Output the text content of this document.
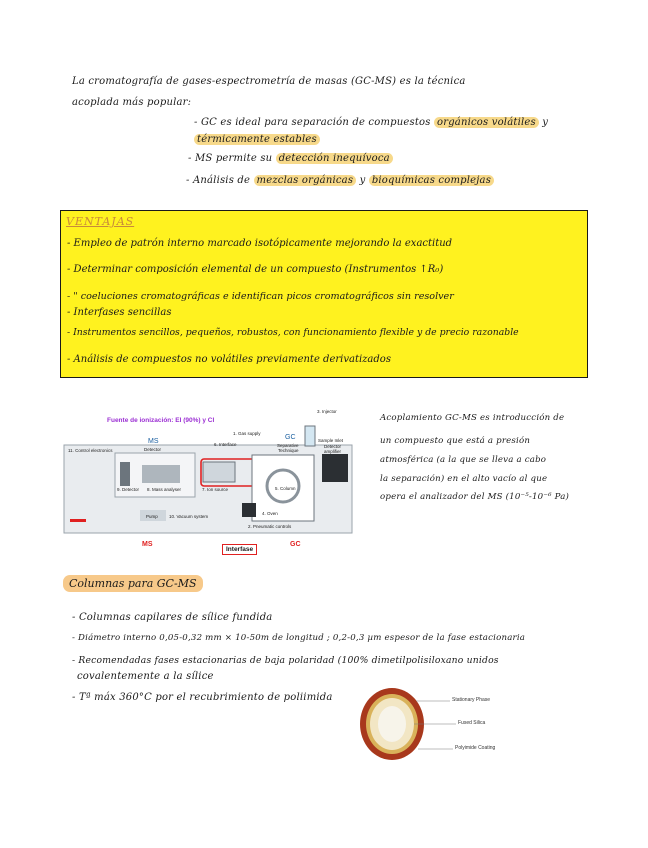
La cromatografía de gases-espectrometría de masas (GC-MS) es la técnica
acoplada más popular:
- GC es ideal para separación de compuestos orgánicos volátiles y
térmicamente estables
- MS permite su detección inequívoca
- Análisis de mezclas orgánicas y bioquímicas complejas
VENTAJAS
- Empleo de patrón interno marcado isotópicamente mejorando la exactitud
- Determinar composición elemental de un compuesto (Instrumentos ↑R₀)
- " coeluciones cromatográficas e identifican picos cromatográficos sin resolver
- Interfases sencillas
- Instrumentos sencillos, pequeños, robustos, con funcionamiento flexible y de precio razonable
- Análisis de compuestos no volátiles previamente derivatizados
Fuente de ionización: EI (90%) y CI
3. Injector
1. Gas supply
6. Interface
GC
Separative
Technique
Sample Inlet
11. Control electronics
MS
Detector
Detector
amplifier
9. Detector 8. Mass analyser	7. Ion source	5. Column
4. Oven
2. Pneumatic controls
Pump 10. Vacuum system
MS
Interfase
GC
Acoplamiento GC-MS es introducción de
un compuesto que está a presión
atmosférica (a la que se lleva a cabo
la separación) en el alto vacío al que
opera el analizador del MS (10⁻⁵-10⁻⁶ Pa)
Columnas para GC-MS
- Columnas capilares de sílice fundida
- Diámetro interno 0,05-0,32 mm × 10-50m de longitud ; 0,2-0,3 µm espesor de la fase estacionaria
- Recomendadas fases estacionarias de baja polaridad (100% dimetilpolisiloxano unidos
covalentemente a la sílice
- Tª máx 360°C por el recubrimiento de poliimida	Stationary Phase
Fused Silica
Polyimide Coating
